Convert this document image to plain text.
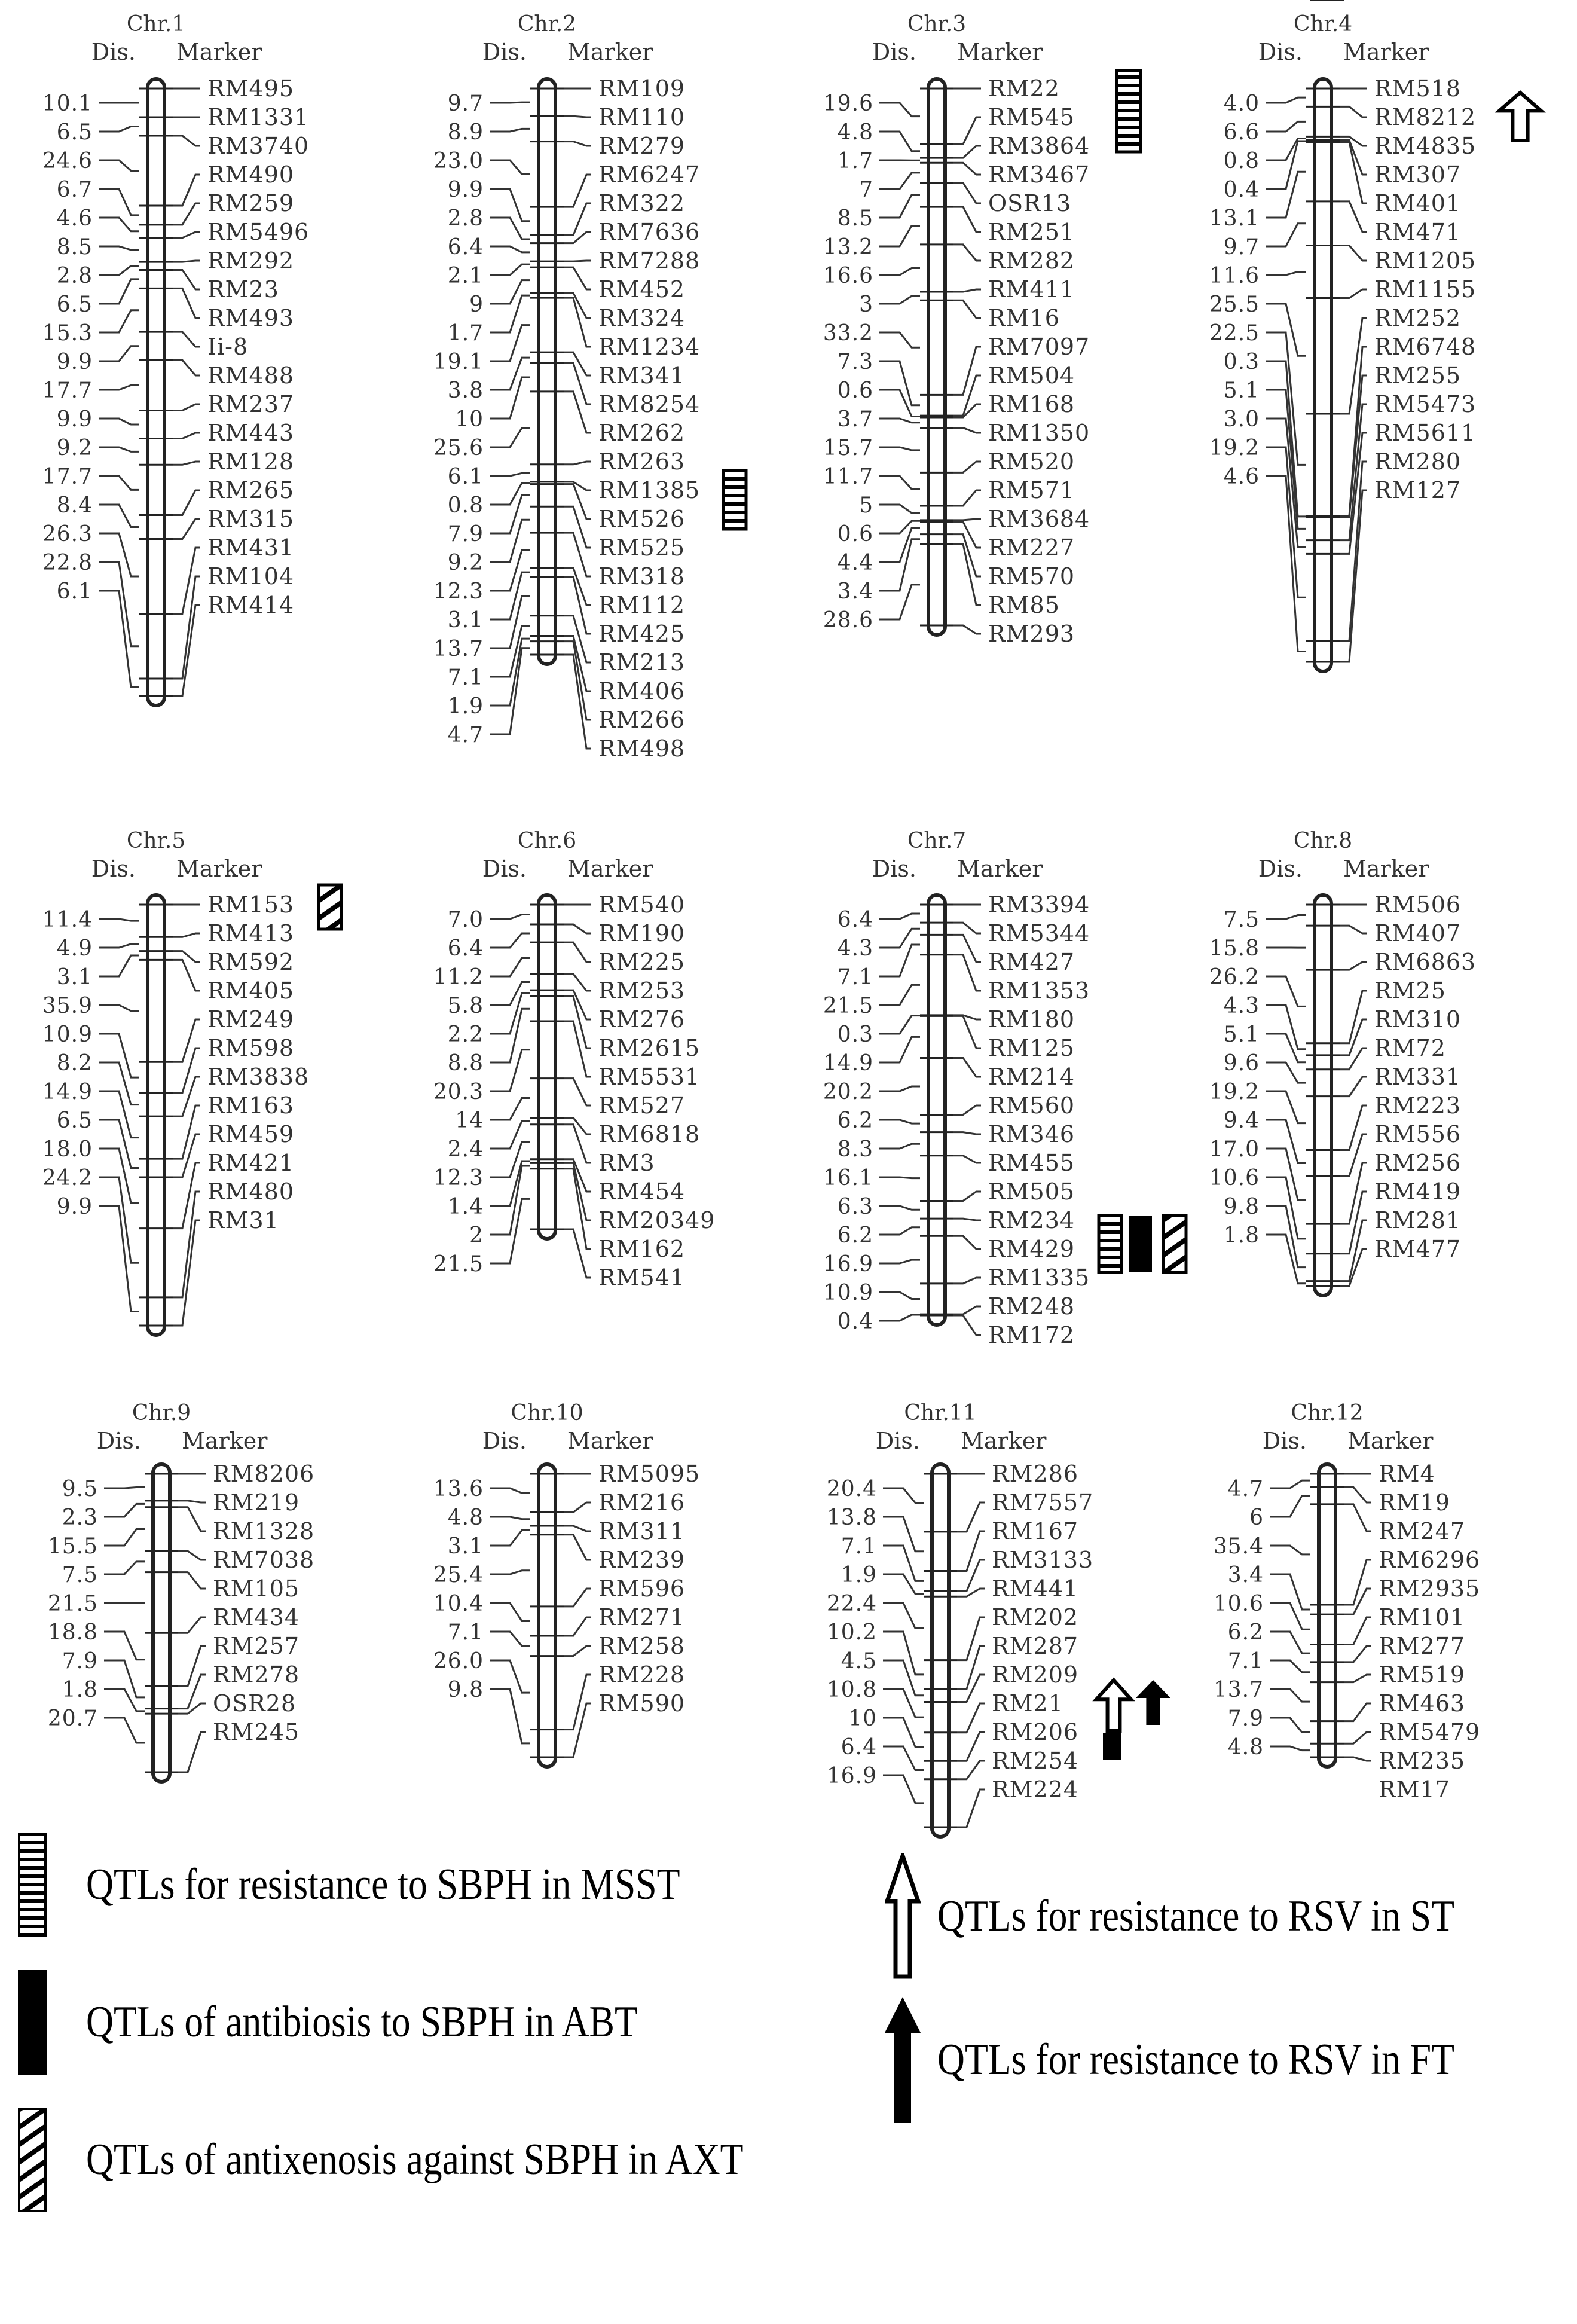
Chr.1
Dis. Marker
RM495
RM1331
RM3740
RM490
RM259
RM5496
RM292
RM23
RM493
Ii-8
RM488
RM237
RM443
RM128
RM265
RM315
RM431
RM104
RM414
10.1
6.5
24.6
6.7
4.6
8.5
2.8
6.5
15.3
9.9
17.7
9.9
9.2
17.7
8.4
26.3
22.8
6.1
Chr.2
Dis. Marker
RM109
RM110
RM279
RM6247
RM322
RM7636
RM7288
RM452
RM324
RM1234
RM341
RM8254
RM262
RM263
RM1385
RM526
RM525
RM318
RM112
RM425
RM213
RM406
RM266
RM498
9.7
8.9
23.0
9.9
2.8
6.4
2.1
9
1.7
19.1
3.8
10
25.6
6.1
0.8
7.9
9.2
12.3
3.1
13.7
7.1
1.9
4.7
Chr.3
Dis. Marker
RM22
RM545
RM3864
RM3467
OSR13
RM251
RM282
RM411
RM16
RM7097
RM504
RM168
RM1350
RM520
RM571
RM3684
RM227
RM570
RM85
RM293
19.6
4.8
1.7
7
8.5
13.2
16.6
3
33.2
7.3
0.6
3.7
15.7
11.7
5
0.6
4.4
3.4
28.6
Chr.4
Dis. Marker
RM518
RM8212
RM4835
RM307
RM401
RM471
RM1205
RM1155
RM252
RM6748
RM255
RM5473
RM5611
RM280
RM127
4.0
6.6
0.8
0.4
13.1
9.7
11.6
25.5
22.5
0.3
5.1
3.0
19.2
4.6
Chr.5
Dis. Marker
RM153
RM413
RM592
RM405
RM249
RM598
RM3838
RM163
RM459
RM421
RM480
RM31
11.4
4.9
3.1
35.9
10.9
8.2
14.9
6.5
18.0
24.2
9.9
Chr.6
Dis. Marker
RM540
RM190
RM225
RM253
RM276
RM2615
RM5531
RM527
RM6818
RM3
RM454
RM20349
RM162
RM541
7.0
6.4
11.2
5.8
2.2
8.8
20.3
14
2.4
12.3
1.4
2
21.5
Chr.7
Dis. Marker
RM3394
RM5344
RM427
RM1353
RM180
RM125
RM214
RM560
RM346
RM455
RM505
RM234
RM429
RM1335
RM248
RM172
6.4
4.3
7.1
21.5
0.3
14.9
20.2
6.2
8.3
16.1
6.3
6.2
16.9
10.9
0.4
Chr.8
Dis. Marker
RM506
RM407
RM6863
RM25
RM310
RM72
RM331
RM223
RM556
RM256
RM419
RM281
RM477
7.5
15.8
26.2
4.3
5.1
9.6
19.2
9.4
17.0
10.6
9.8
1.8
Chr.9
Dis. Marker
RM8206
RM219
RM1328
RM7038
RM105
RM434
RM257
RM278
OSR28
RM245
9.5
2.3
15.5
7.5
21.5
18.8
7.9
1.8
20.7
Chr.10
Dis. Marker
RM5095
RM216
RM311
RM239
RM596
RM271
RM258
RM228
RM590
13.6
4.8
3.1
25.4
10.4
7.1
26.0
9.8
Chr.11
Dis. Marker
RM286
RM7557
RM167
RM3133
RM441
RM202
RM287
RM209
RM21
RM206
RM254
RM224
20.4
13.8
7.1
1.9
22.4
10.2
4.5
10.8
10
6.4
16.9
Chr.12
Dis. Marker
RM4
RM19
RM247
RM6296
RM2935
RM101
RM277
RM519
RM463
RM5479
RM235
RM17
4.7
6
35.4
3.4
10.6
6.2
7.1
13.7
7.9
4.8
QTLs for resistance to SBPH in MSST
QTLs of antibiosis to SBPH in ABT
QTLs of antixenosis against SBPH in AXT
QTLs for resistance to RSV in ST
QTLs for resistance to RSV in FT
